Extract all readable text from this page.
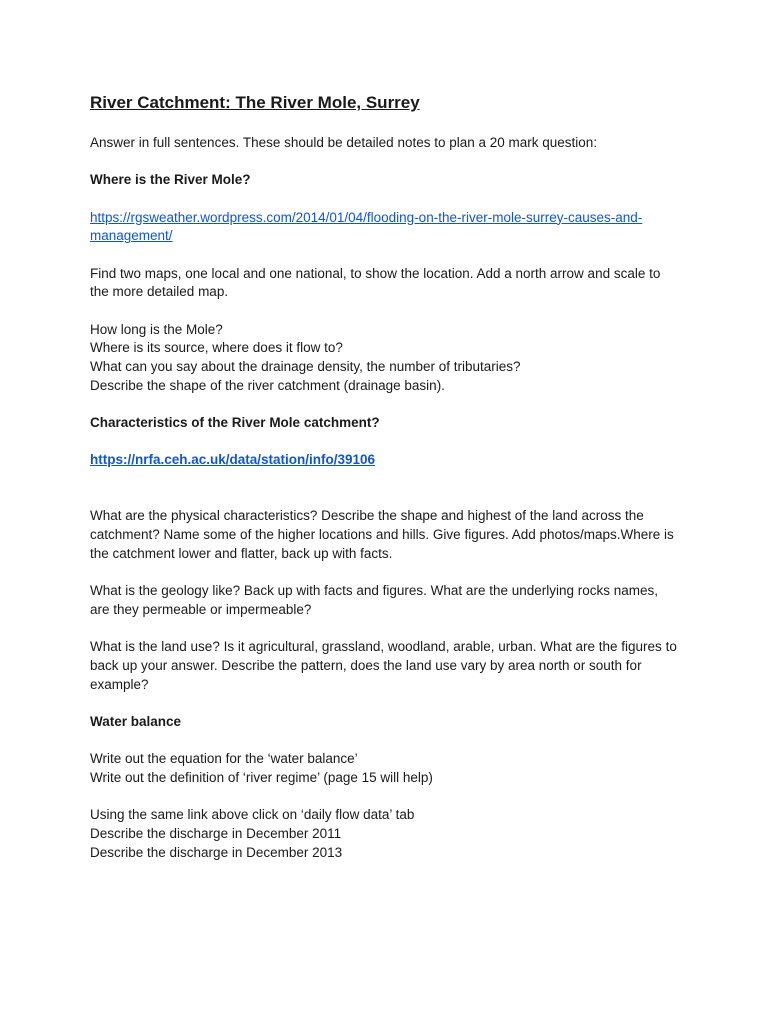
River Catchment: The River Mole, Surrey

Answer in full sentences. These should be detailed notes to plan a 20 mark question:

Where is the River Mole?

https://rgsweather.wordpress.com/2014/01/04/flooding-on-the-river-mole-surrey-causes-and-
management/

Find two maps, one local and one national, to show the location. Add a north arrow and scale to the more detailed map.

How long is the Mole?
Where is its source, where does it flow to?
What can you say about the drainage density, the number of tributaries?
Describe the shape of the river catchment (drainage basin).

Characteristics of the River Mole catchment?

https://nrfa.ceh.ac.uk/data/station/info/39106

What are the physical characteristics? Describe the shape and highest of the land across the catchment? Name some of the higher locations and hills. Give figures. Add photos/maps.Where is the catchment lower and flatter, back up with facts.

What is the geology like? Back up with facts and figures. What are the underlying rocks names, are they permeable or impermeable?

What is the land use? Is it agricultural, grassland, woodland, arable, urban. What are the figures to back up your answer. Describe the pattern, does the land use vary by area north or south for example?

Water balance

Write out the equation for the ‘water balance’
Write out the definition of ‘river regime’ (page 15 will help)
Using the same link above click on ‘daily flow data’ tab
Describe the discharge in December 2011
Describe the discharge in December 2013
